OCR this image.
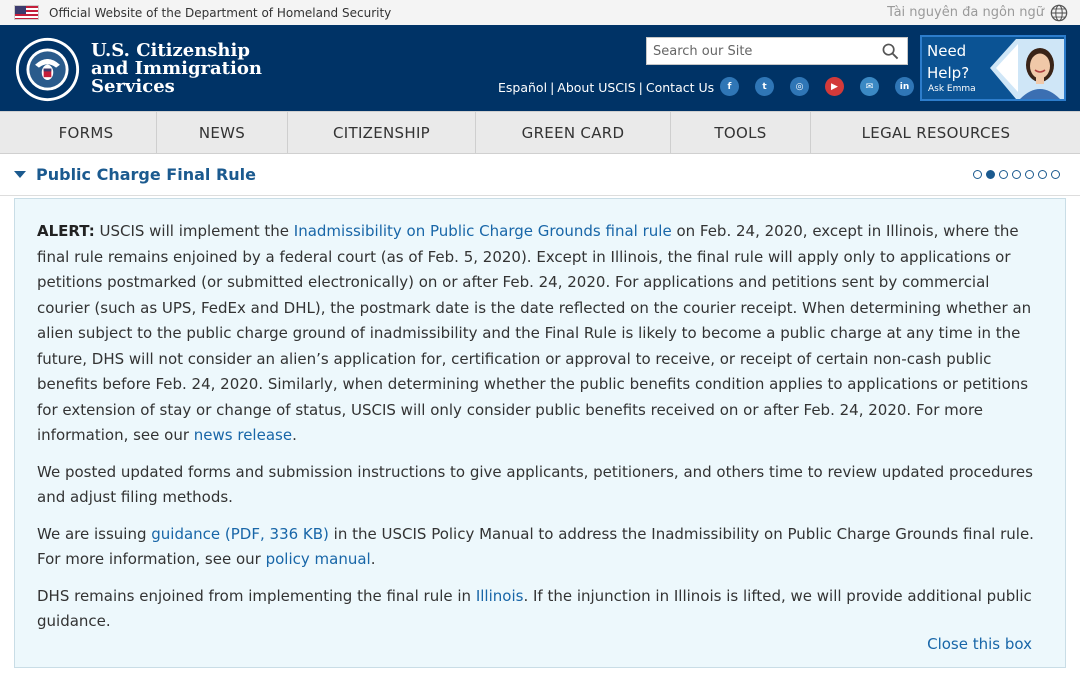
Official Website of the Department of Homeland Security	Tài nguyên đa ngôn ngữ
U.S. Citizenship
and Immigration
Services
Search our Site	Español | About USCIS | Contact Us	f	t	◎	▶	✉	in
Need
Help?
Ask Emma
FORMS	NEWS	CITIZENSHIP	GREEN CARD	TOOLS	LEGAL RESOURCES
Public Charge Final Rule

ALERT: USCIS will implement the Inadmissibility on Public Charge Grounds final rule on Feb. 24, 2020, except in Illinois, where the final rule remains enjoined by a federal court (as of Feb. 5, 2020). Except in Illinois, the final rule will apply only to applications or petitions postmarked (or submitted electronically) on or after Feb. 24, 2020. For applications and petitions sent by commercial courier (such as UPS, FedEx and DHL), the postmark date is the date reflected on the courier receipt. When determining whether an alien subject to the public charge ground of inadmissibility and the Final Rule is likely to become a public charge at any time in the future, DHS will not consider an alien’s application for, certification or approval to receive, or receipt of certain non-cash public benefits before Feb. 24, 2020. Similarly, when determining whether the public benefits condition applies to applications or petitions for extension of stay or change of status, USCIS will only consider public benefits received on or after Feb. 24, 2020. For more information, see our news release.

We posted updated forms and submission instructions to give applicants, petitioners, and others time to review updated procedures and adjust filing methods.

We are issuing guidance (PDF, 336 KB) in the USCIS Policy Manual to address the Inadmissibility on Public Charge Grounds final rule. For more information, see our policy manual.

DHS remains enjoined from implementing the final rule in Illinois. If the injunction in Illinois is lifted, we will provide additional public guidance.

Close this box
